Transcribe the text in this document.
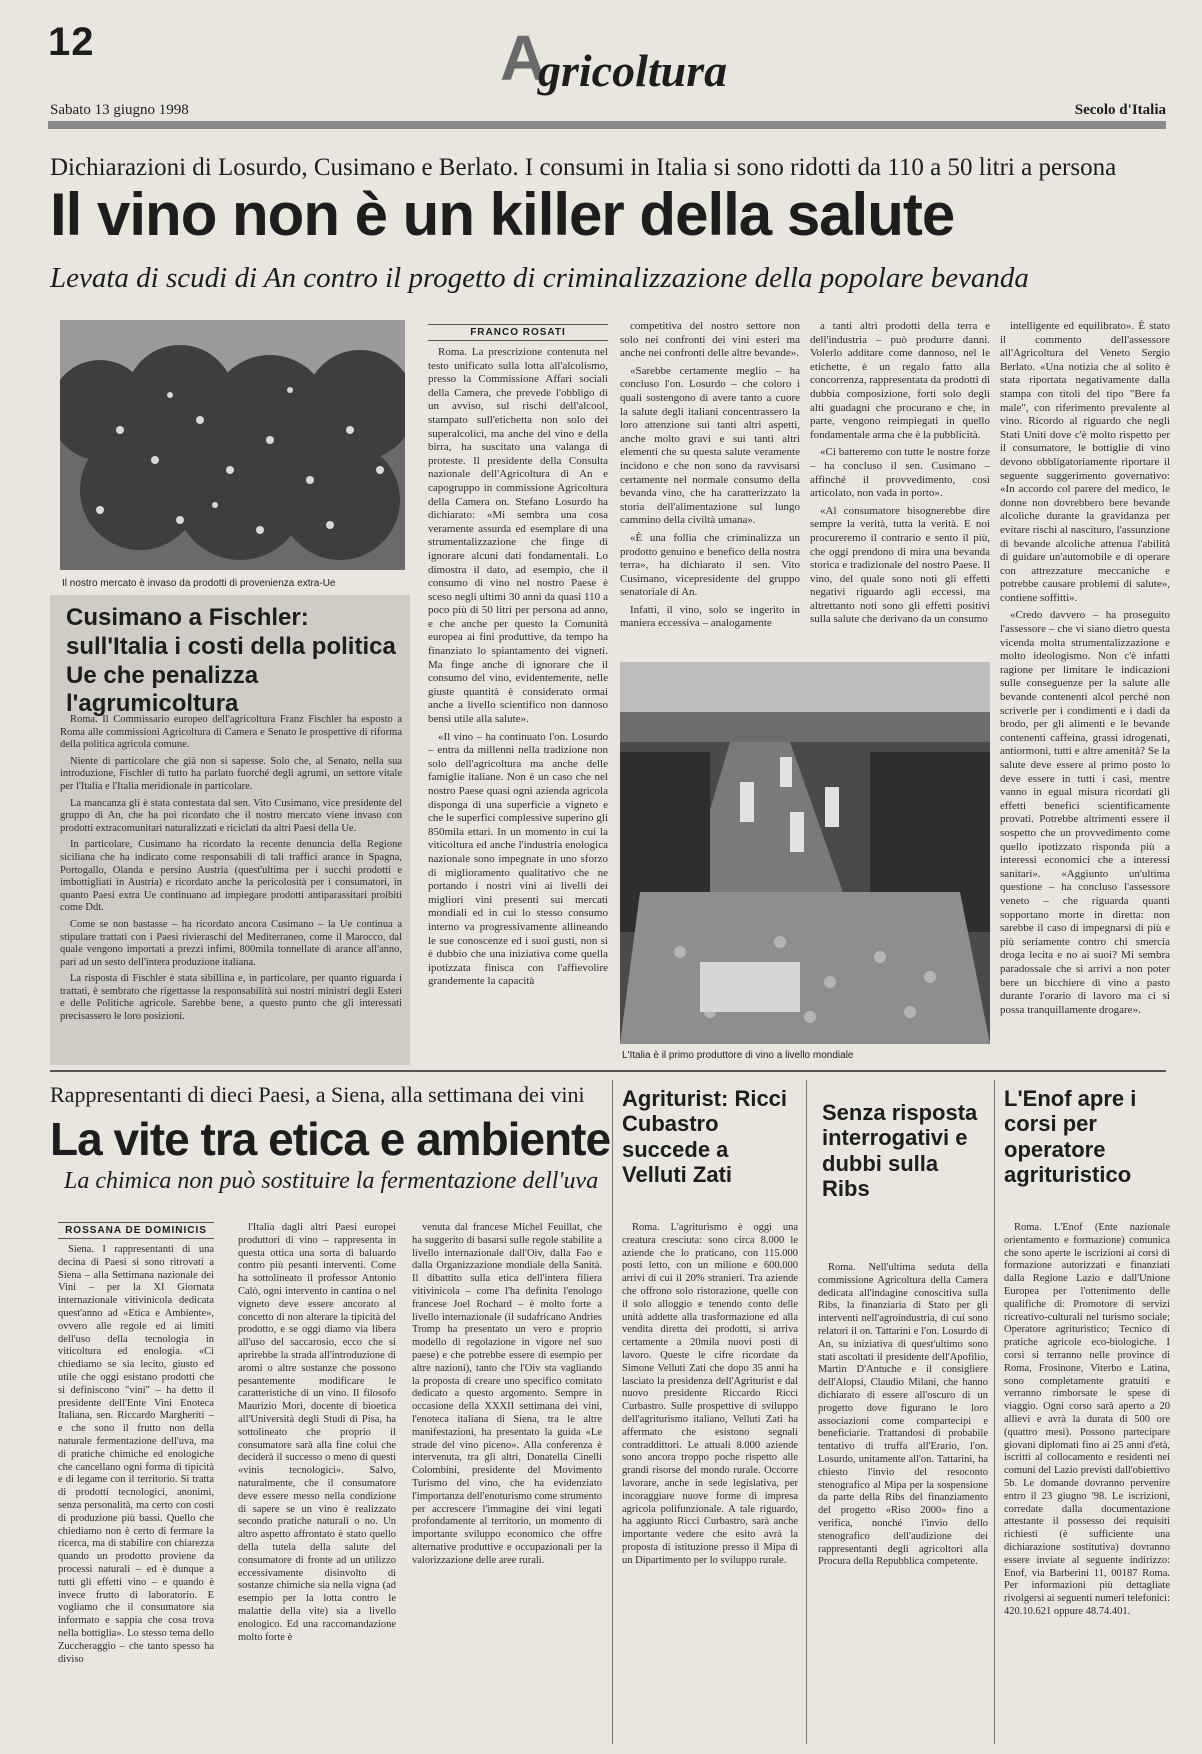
12	A
gricoltura
Sabato 13 giugno 1998	Secolo d'Italia
Dichiarazioni di Losurdo, Cusimano e Berlato. I consumi in Italia si sono ridotti da 110 a 50 litri a persona
Il vino non è un killer della salute
Levata di scudi di An contro il progetto di criminalizzazione della popolare bevanda
Il nostro mercato è invaso da prodotti di provenienza extra-Ue
Cusimano a Fischler: sull'Italia i costi della politica Ue che penalizza l'agrumicoltura

Roma. Il Commissario europeo dell'agricoltura Franz Fischler ha esposto a Roma alle commissioni Agricoltura di Camera e Senato le prospettive di riforma della politica agricola comune.

Niente di particolare che già non si sapesse. Solo che, al Senato, nella sua introduzione, Fischler di tutto ha parlato fuorché degli agrumi, un settore vitale per l'Italia e l'Italia meridionale in particolare.

La mancanza gli è stata contestata dal sen. Vito Cusimano, vice presidente del gruppo di An, che ha poi ricordato che il nostro mercato viene invaso con prodotti extracomunitari naturalizzati e riciclati da altri Paesi della Ue.

In particolare, Cusimano ha ricordato la recente denuncia della Regione siciliana che ha indicato come responsabili di tali traffici arance in Spagna, Portogallo, Olanda e persino Austria (quest'ultima per i succhi prodotti e imbottigliati in Austria) e ricordato anche la pericolosità per i consumatori, in quanto Paesi extra Ue continuano ad impiegare prodotti antiparassitari proibiti come Ddt.

Come se non bastasse – ha ricordato ancora Cusimano – la Ue continua a stipulare trattati con i Paesi rivieraschi del Mediterraneo, come il Marocco, dal quale vengono importati a prezzi infimi, 800mila tonnellate di arance all'anno, pari ad un sesto dell'intera produzione italiana.

La risposta di Fischler è stata sibillina e, in particolare, per quanto riguarda i trattati, è sembrato che rigettasse la responsabilità sui nostri ministri degli Esteri e delle Politiche agricole. Sarebbe bene, a questo punto che gli interessati precisassero le loro posizioni.

FRANCO ROSATI

Roma. La prescrizione contenuta nel testo unificato sulla lotta all'alcolismo, presso la Commissione Affari sociali della Camera, che prevede l'obbligo di un avviso, sul rischi dell'alcool, stampato sull'etichetta non solo dei superalcolici, ma anche del vino e della birra, ha suscitato una valanga di proteste. Il presidente della Consulta nazionale dell'Agricoltura di An e capogruppo in commissione Agricoltura della Camera on. Stefano Losurdo ha dichiarato: «Mi sembra una cosa veramente assurda ed esemplare di una strumentalizzazione che finge di ignorare alcuni dati fondamentali. Lo dimostra il dato, ad esempio, che il consumo di vino nel nostro Paese è sceso negli ultimi 30 anni da quasi 110 a poco più di 50 litri per persona ad anno, e che anche per questo la Comunità europea ai fini produttive, da tempo ha finanziato lo spiantamento dei vigneti. Ma finge anche di ignorare che il consumo del vino, evidentemente, nelle giuste quantità è considerato ormai anche a livello scientifico non dannoso bensì utile alla salute».

«Il vino – ha continuato l'on. Losurdo – entra da millenni nella tradizione non solo dell'agricoltura ma anche delle famiglie italiane. Non è un caso che nel nostro Paese quasi ogni azienda agricola disponga di una superficie a vigneto e che le superfici complessive superino gli 850mila ettari. In un momento in cui la viticoltura ed anche l'industria enologica nazionale sono impegnate in uno sforzo di miglioramento qualitativo che ne portando i nostri vini ai livelli dei migliori vini presenti sui mercati mondiali ed in cui lo stesso consumo interno va progressivamente allineando le sue conoscenze ed i suoi gusti, non si è dubbio che una iniziativa come quella ipotizzata finisca con l'affievolire grandemente la capacità

competitiva del nostro settore non solo nei confronti dei vini esteri ma anche nei confronti delle altre bevande».

«Sarebbe certamente meglio – ha concluso l'on. Losurdo – che coloro i quali sostengono di avere tanto a cuore la salute degli italiani concentrassero la loro attenzione sui tanti altri aspetti, anche molto gravi e sui tanti altri elementi che su questa salute veramente incidono e che non sono da ravvisarsi certamente nel normale consumo della bevanda vino, che ha caratterizzato la storia dell'alimentazione sul lungo cammino della civiltà umana».

«È una follia che criminalizza un prodotto genuino e benefico della nostra terra», ha dichiarato il sen. Vito Cusimano, vicepresidente del gruppo senatoriale di An.

Infatti, il vino, solo se ingerito in maniera eccessiva – analogamente

a tanti altri prodotti della terra e dell'industria – può produrre danni. Volerlo additare come dannoso, nel le etichette, è un regalo fatto alla concorrenza, rappresentata da prodotti di dubbia composizione, forti solo degli alti guadagni che procurano e che, in parte, vengono reimpiegati in quello fondamentale arma che è la pubblicità.

«Ci batteremo con tutte le nostre forze – ha concluso il sen. Cusimano – affinché il provvedimento, così articolato, non vada in porto».

«Al consumatore bisognerebbe dire sempre la verità, tutta la verità. E noi procureremo il contrario e sento il più, che oggi prendono di mira una bevanda storica e tradizionale del nostro Paese. Il vino, del quale sono noti gli effetti negativi riguardo agli eccessi, ma altrettanto noti sono gli effetti positivi sulla salute che derivano da un consumo

intelligente ed equilibrato». È stato il commento dell'assessore all'Agricoltura del Veneto Sergio Berlato. «Una notizia che al solito è stata riportata negativamente dalla stampa con titoli del tipo "Bere fa male", con riferimento prevalente al vino. Ricordo al riguardo che negli Stati Uniti dove c'è molto rispetto per il consumatore, le bottiglie di vino devono obbligatoriamente riportare il seguente suggerimento governativo: «In accordo col parere del medico, le donne non dovrebbero bere bevande alcoliche durante la gravidanza per evitare rischi al nascituro, l'assunzione di bevande alcoliche attenua l'abilità di guidare un'automobile e di operare con attrezzature meccaniche e potrebbe causare problemi di salute», contiene soffitti».

«Credo davvero – ha proseguito l'assessore – che vi siano dietro questa vicenda molta strumentalizzazione e molto ideologismo. Non c'è infatti ragione per limitare le indicazioni sulle conseguenze per la salute alle bevande contenenti alcol perché non scriverle per i condimenti e i dadi da brodo, per gli alimenti e le bevande contenenti caffeina, grassi idrogenati, antiormoni, tutti e altre amenità? Se la salute deve essere al primo posto lo deve essere in tutti i casi, mentre vanno in egual misura ricordati gli effetti benefici scientificamente provati. Potrebbe altrimenti essere il sospetto che un provvedimento come quello ipotizzato risponda più a interessi economici che a interessi sanitari». «Aggiunto un'ultima questione – ha concluso l'assessore veneto – che riguarda quanti sopportano morte in diretta: non sarebbe il caso di impegnarsi di più e più seriamente contro chi smercia droga lecita e no ai suoi? Mi sembra paradossale che si arrivi a non poter bere un bicchiere di vino a pasto durante l'orario di lavoro ma ci si possa tranquillamente drogare».

L'Italia è il primo produttore di vino a livello mondiale
Rappresentanti di dieci Paesi, a Siena, alla settimana dei vini
La vite tra etica e ambiente
La chimica non può sostituire la fermentazione dell'uva
ROSSANA DE DOMINICIS

Siena. I rappresentanti di una decina di Paesi si sono ritrovati a Siena – alla Settimana nazionale dei Vini – per la XI Giornata internazionale vitivinicola dedicata quest'anno ad «Etica e Ambiente», ovvero alle regole ed ai limiti dell'uso della tecnologia in viticoltura ed enologia. «Ci chiediamo se sia lecito, giusto ed utile che oggi esistano prodotti che si definiscono "vini" – ha detto il presidente dell'Ente Vini Enoteca Italiana, sen. Riccardo Margheriti – e che sono il frutto non della naturale fermentazione dell'uva, ma di pratiche chimiche ed enologiche che cancellano ogni forma di tipicità e di legame con il territorio. Si tratta di prodotti tecnologici, anonimi, senza personalità, ma certo con costi di produzione più bassi. Quello che chiediamo non è certo di fermare la ricerca, ma di stabilire con chiarezza quando un prodotto proviene da processi naturali – ed è dunque a tutti gli effetti vino – e quando è invece frutto di laboratorio. E vogliamo che il consumatore sia informato e sappia che cosa trova nella bottiglia». Lo stesso tema dello Zuccheraggio – che tanto spesso ha diviso

l'Italia dagli altri Paesi europei produttori di vino – rappresenta in questa ottica una sorta di baluardo contro più pesanti interventi. Come ha sottolineato il professor Antonio Calò, ogni intervento in cantina o nel vigneto deve essere ancorato al concetto di non alterare la tipicità del prodotto, e se oggi diamo via libera all'uso del saccarosio, ecco che si aprirebbe la strada all'introduzione di aromi o altre sostanze che possono pesantemente modificare le caratteristiche di un vino. Il filosofo Maurizio Mori, docente di bioetica all'Università degli Studi di Pisa, ha sottolineato che proprio il consumatore sarà alla fine colui che deciderà il successo o meno di questi «vinis tecnologici». Salvo, naturalmente, che il consumatore deve essere messo nella condizione di sapere se un vino è realizzato secondo pratiche naturali o no. Un altro aspetto affrontato è stato quello della tutela della salute del consumatore di fronte ad un utilizzo eccessivamente disinvolto di sostanze chimiche sia nella vigna (ad esempio per la lotta contro le malattie della vite) sia a livello enologico. Ed una raccomandazione molto forte è

venuta dal francese Michel Feuillat, che ha suggerito di basarsi sulle regole stabilite a livello internazionale dall'Oiv, dalla Fao e dalla Organizzazione mondiale della Sanità. Il dibattito sulla etica dell'intera filiera vitivinicola – come l'ha definita l'enologo francese Joel Rochard – è molto forte a livello internazionale (il sudafricano Andries Tromp ha presentato un vero e proprio modello di regolazione in vigore nel suo paese) e che potrebbe essere di esempio per altre nazioni), tanto che l'Oiv sta vagliando la proposta di creare uno specifico comitato dedicato a questo argomento. Sempre in occasione della XXXII settimana dei vini, l'enoteca italiana di Siena, tra le altre manifestazioni, ha presentato la guida «Le strade del vino piceno». Alla conferenza è intervenuta, tra gli altri, Donatella Cinelli Colombini, presidente del Movimento Turismo del vino, che ha evidenziato l'importanza dell'enoturismo come strumento per accrescere l'immagine dei vini legati profondamente al territorio, un momento di importante sviluppo economico che offre alternative produttive e occupazionali per la valorizzazione delle aree rurali.

Agriturist: Ricci Cubastro succede a Velluti Zati

Roma. L'agriturismo è oggi una creatura cresciuta: sono circa 8.000 le aziende che lo praticano, con 115.000 posti letto, con un milione e 600.000 arrivi di cui il 20% stranieri. Tra aziende che offrono solo ristorazione, quelle con il solo alloggio e tenendo conto delle unità addette alla trasformazione ed alla vendita diretta dei prodotti, si arriva certamente a 20mila nuovi posti di lavoro. Queste le cifre ricordate da Simone Velluti Zati che dopo 35 anni ha lasciato la presidenza dell'Agriturist e dal nuovo presidente Riccardo Ricci Curbastro. Sulle prospettive di sviluppo dell'agriturismo italiano, Velluti Zati ha affermato che esistono segnali contraddittori. Le attuali 8.000 aziende sono ancora troppo poche rispetto alle grandi risorse del mondo rurale. Occorre lavorare, anche in sede legislativa, per incoraggiare nuove forme di impresa agricola polifunzionale. A tale riguardo, ha aggiunto Ricci Curbastro, sarà anche importante vedere che esito avrà la proposta di istituzione presso il Mipa di un Dipartimento per lo sviluppo rurale.

Senza risposta interrogativi e dubbi sulla Ribs

Roma. Nell'ultima seduta della commissione Agricoltura della Camera dedicata all'indagine conoscitiva sulla Ribs, la finanziaria di Stato per gli interventi nell'agroindustria, di cui sono relatori il on. Tattarini e l'on. Losurdo di An, su iniziativa di quest'ultimo sono stati ascoltati il presidente dell'Apofilio, Martin D'Antuche e il consigliere dell'Alopsi, Claudio Milani, che hanno dichiarato di essere all'oscuro di un progetto dove figurano le loro associazioni come compartecipi e beneficiarie. Trattandosi di probabile tentativo di truffa all'Erario, l'on. Losurdo, unitamente all'on. Tattarini, ha chiesto l'invio del resoconto stenografico al Mipa per la sospensione da parte della Ribs del finanziamento del progetto «Riso 2000» fino a verifica, nonché l'invio dello stenografico dell'audizione dei rappresentanti degli agricoltori alla Procura della Repubblica competente.

L'Enof apre i corsi per operatore agrituristico

Roma. L'Enof (Ente nazionale orientamento e formazione) comunica che sono aperte le iscrizioni ai corsi di formazione autorizzati e finanziati dalla Regione Lazio e dall'Unione Europea per l'ottenimento delle qualifiche di: Promotore di servizi ricreativo-culturali nel turismo sociale; Operatore agrituristico; Tecnico di pratiche agricole eco-biologiche. I corsi si terranno nelle province di Roma, Frosinone, Viterbo e Latina, sono completamente gratuiti e verranno rimborsate le spese di viaggio. Ogni corso sarà aperto a 20 allievi e avrà la durata di 500 ore (quattro mesi). Possono partecipare giovani diplomati fino ai 25 anni d'età, iscritti al collocamento e residenti nei comuni del Lazio previsti dall'obiettivo 5b. Le domande dovranno pervenire entro il 23 giugno '98. Le iscrizioni, corredate dalla documentazione attestante il possesso dei requisiti richiesti (è sufficiente una dichiarazione sostitutiva) dovranno essere inviate al seguente indirizzo: Enof, via Barberini 11, 00187 Roma. Per informazioni più dettagliate rivolgersi ai seguenti numeri telefonici: 420.10.621 oppure 48.74.401.
